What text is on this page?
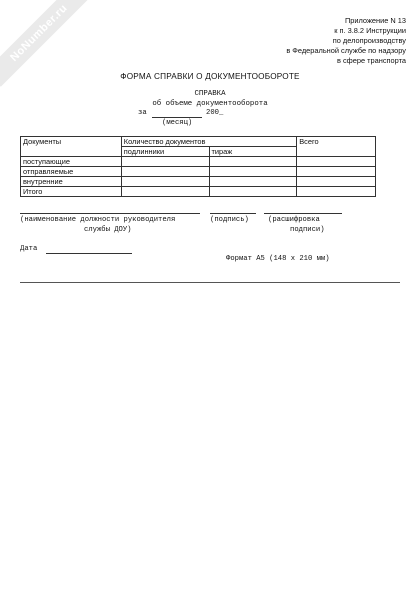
NoNumber.ru	Приложение N 13
к п. 3.8.2 Инструкции
по делопроизводству
в Федеральной службе по надзору
в сфере транспорта
ФОРМА СПРАВКИ О ДОКУМЕНТООБОРОТЕ
СПРАВКА
об объеме документооборота
за	200_
(месяц)
Документы	Количество документов		Всего
	подлинники	тираж	
поступающие			
отправляемые			
внутренние			
Итого			
(наименование должности руководителя
службы ДОУ)
(подпись)	(расшифровка
подписи)
Дата
Формат А5 (148 x 210 мм)
